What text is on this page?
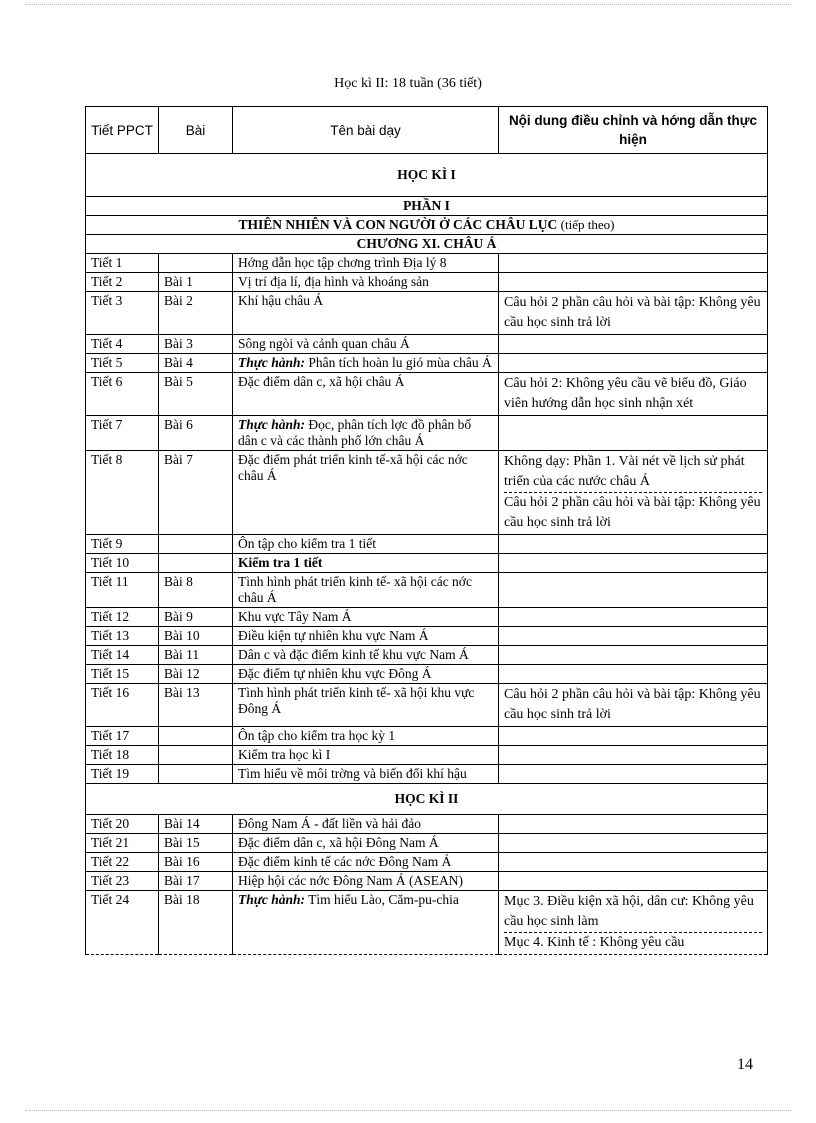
Học kì II: 18 tuần (36 tiết)
Tiết PPCT	Bài	Tên bài dạy	Nội dung điều chỉnh và hớng dẫn thực hiện
HỌC KÌ I			
PHẦN I			
THIÊN NHIÊN VÀ CON NGƯỜI Ở CÁC CHÂU LỤC (tiếp theo)			
CHƯƠNG XI. CHÂU Á			
Tiết 1		Hớng dẫn học tập chơng trình Địa lý 8	
Tiết 2	Bài 1	Vị trí địa lí, địa hình và khoáng sản	
Tiết 3	Bài 2	Khí hậu châu Á	Câu hỏi 2 phần câu hỏi và bài tập: Không yêu cầu học sinh trả lời

Tiết 4	Bài 3	Sông ngòi và cảnh quan châu Á	
Tiết 5	Bài 4	Thực hành: Phân tích hoàn lu gió mùa châu Á	
Tiết 6	Bài 5	Đặc điểm dân c, xã hội châu Á	Câu hỏi 2: Không yêu cầu vẽ biểu đồ, Giáo viên hướng dẫn học sinh nhận xét

Tiết 7	Bài 6	Thực hành: Đọc, phân tích lợc đồ phân bố dân c và các thành phố lớn châu Á	
Tiết 8	Bài 7	Đặc điểm phát triển kinh tế-xã hội các nớc châu Á	Không dạy: Phần 1. Vài nét về lịch sử phát triển của các nước châu Á
Câu hỏi 2 phần câu hỏi và bài tập: Không yêu cầu học sinh trả lời

Tiết 9		Ôn tập cho kiểm tra 1 tiết	
Tiết 10		Kiểm tra 1 tiết	
Tiết 11	Bài 8	Tình hình phát triển kinh tế- xã hội các nớc châu Á	
Tiết 12	Bài 9	Khu vực Tây Nam Á	
Tiết 13	Bài 10	Điều kiện tự nhiên khu vực Nam Á	
Tiết 14	Bài 11	Dân c và đặc điểm kinh tế khu vực Nam Á	
Tiết 15	Bài 12	Đặc điểm tự nhiên khu vực Đông Á	
Tiết 16	Bài 13	Tình hình phát triển kinh tế- xã hội khu vực Đông Á	Câu hỏi 2 phần câu hỏi và bài tập: Không yêu cầu học sinh trả lời

Tiết 17		Ôn tập cho kiểm tra học kỳ 1	
Tiết 18		Kiểm tra học kì I	
Tiết 19		Tìm hiểu về môi trờng và biến đổi khí hậu	
HỌC KÌ II			
Tiết 20	Bài 14	Đông Nam Á - đất liền và hải đảo	
Tiết 21	Bài 15	Đặc điểm dân c, xã hội Đông Nam Á	
Tiết 22	Bài 16	Đặc điểm kinh tế các nớc Đông Nam Á	
Tiết 23	Bài 17	Hiệp hội các nớc Đông Nam Á (ASEAN)	
Tiết 24	Bài 18	Thực hành: Tìm hiểu Lào, Căm-pu-chia	Mục 3. Điều kiện xã hội, dân cư: Không yêu cầu học sinh làm
Mục 4. Kinh tế : Không yêu cầu
14
